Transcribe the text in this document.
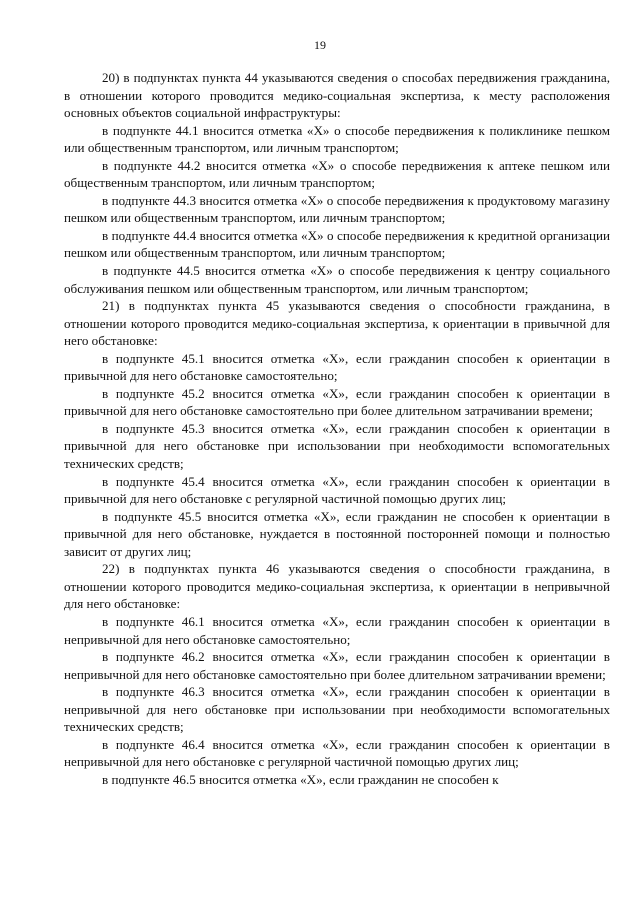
19

20) в подпунктах пункта 44 указываются сведения о способах передвижения гражданина, в отношении которого проводится медико-социальная экспертиза, к месту расположения основных объектов социальной инфраструктуры:

в подпункте 44.1 вносится отметка «Х» о способе передвижения к поликлинике пешком или общественным транспортом, или личным транспортом;

в подпункте 44.2 вносится отметка «Х» о способе передвижения к аптеке пешком или общественным транспортом, или личным транспортом;

в подпункте 44.3 вносится отметка «Х» о способе передвижения к продуктовому магазину пешком или общественным транспортом, или личным транспортом;

в подпункте 44.4 вносится отметка «Х» о способе передвижения к кредитной организации пешком или общественным транспортом, или личным транспортом;

в подпункте 44.5 вносится отметка «Х» о способе передвижения к центру социального обслуживания пешком или общественным транспортом, или личным транспортом;

21) в подпунктах пункта 45 указываются сведения о способности гражданина, в отношении которого проводится медико-социальная экспертиза, к ориентации в привычной для него обстановке:

в подпункте 45.1 вносится отметка «Х», если гражданин способен к ориентации в привычной для него обстановке самостоятельно;

в подпункте 45.2 вносится отметка «Х», если гражданин способен к ориентации в привычной для него обстановке самостоятельно при более длительном затрачивании времени;

в подпункте 45.3 вносится отметка «Х», если гражданин способен к ориентации в привычной для него обстановке при использовании при необходимости вспомогательных технических средств;

в подпункте 45.4 вносится отметка «Х», если гражданин способен к ориентации в привычной для него обстановке с регулярной частичной помощью других лиц;

в подпункте 45.5 вносится отметка «Х», если гражданин не способен к ориентации в привычной для него обстановке, нуждается в постоянной посторонней помощи и полностью зависит от других лиц;

22) в подпунктах пункта 46 указываются сведения о способности гражданина, в отношении которого проводится медико-социальная экспертиза, к ориентации в непривычной для него обстановке:

в подпункте 46.1 вносится отметка «Х», если гражданин способен к ориентации в непривычной для него обстановке самостоятельно;

в подпункте 46.2 вносится отметка «Х», если гражданин способен к ориентации в непривычной для него обстановке самостоятельно при более длительном затрачивании времени;

в подпункте 46.3 вносится отметка «Х», если гражданин способен к ориентации в непривычной для него обстановке при использовании при необходимости вспомогательных технических средств;

в подпункте 46.4 вносится отметка «Х», если гражданин способен к ориентации в непривычной для него обстановке с регулярной частичной помощью других лиц;

в подпункте 46.5 вносится отметка «Х», если гражданин не способен к
